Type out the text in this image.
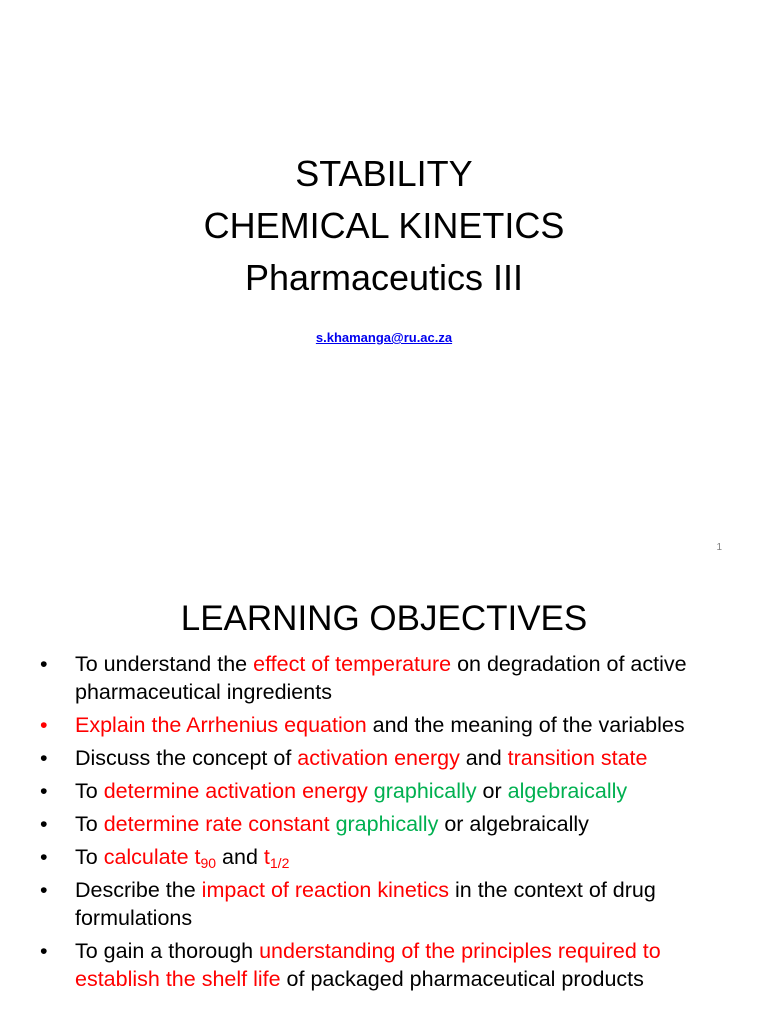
STABILITY
CHEMICAL KINETICS
Pharmaceutics III
s.khamanga@ru.ac.za
1
LEARNING OBJECTIVES
• To understand the effect of temperature on degradation of active pharmaceutical ingredients
• Explain the Arrhenius equation and the meaning of the variables
• Discuss the concept of activation energy and transition state
• To determine activation energy graphically or algebraically
• To determine rate constant graphically or algebraically
• To calculate $t_{90}$ and $t_{1/2}$
• Describe the impact of reaction kinetics in the context of drug formulations
• To gain a thorough understanding of the principles required to establish the shelf life of packaged pharmaceutical products
